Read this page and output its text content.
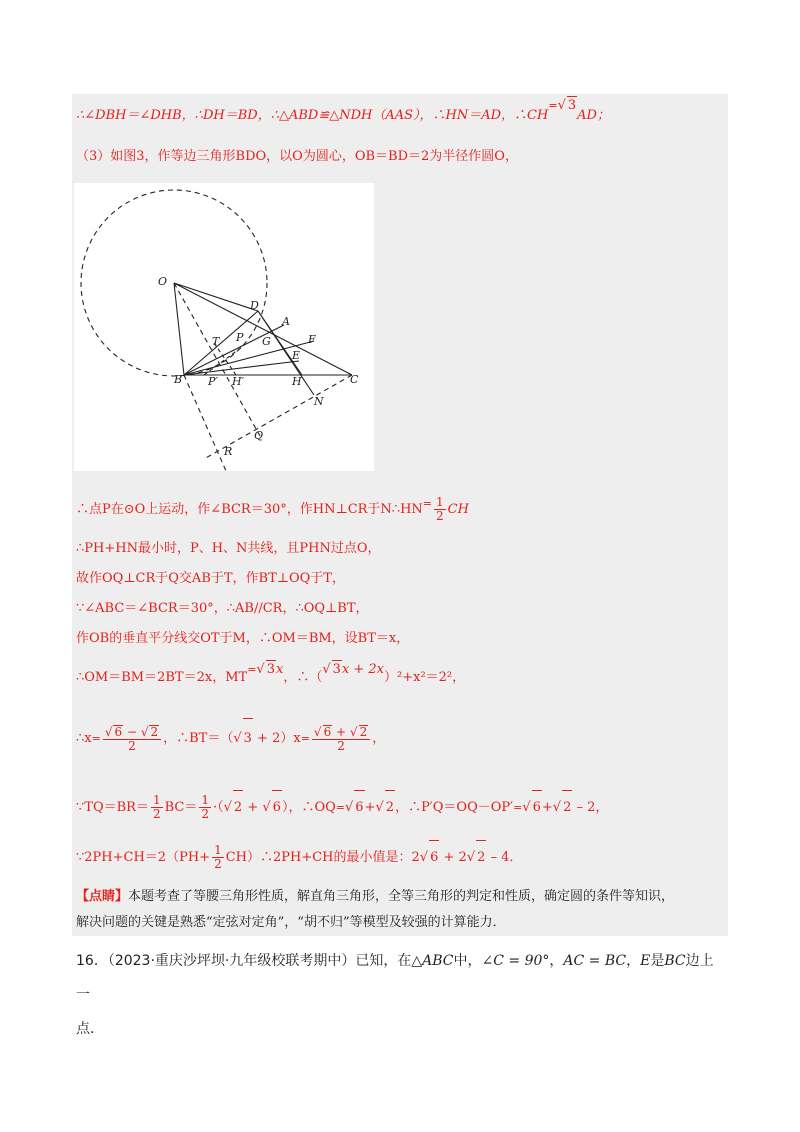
∴∠DBH＝∠DHB，∴DH＝BD，∴△ABD≌△NDH（AAS），∴HN＝AD，∴CH= √ 3AD；
（3）如图3，作等边三角形BDO，以O为圆心，OB＝BD＝2为半径作圆O，
O
D
A
P G	F
T
E
B P′ H′	H	C
N
Q
R
∴点P在⊙O上运动，作∠BCR＝30°，作HN⊥CR于N∴HN= $\frac{1}{2}$ CH
∴PH+HN最小时，P、H、N共线，且PHN过点O，
故作OQ⊥CR于Q交AB于T，作BT⊥OQ于T，
∵∠ABC＝∠BCR＝30°，∴AB//CR，∴OQ⊥BT，
作OB的垂直平分线交OT于M，∴OM＝BM，设BT＝x，
∴OM＝BM＝2BT＝2x，MT= √ 3x，∴（√ 3x + 2x）²+x²＝2²，
∴x= √ $\frac{6 - √ 2}{2}$ ，∴BT＝（ √ 3 + 2）x= √ $\frac{6 + √ 2}{2}$ ，
∵TQ＝BR＝ $\frac{1}{2} BC= \frac{1}{2}$ ·（ √ 2 + √ 6），∴OQ= √ 6+ √ 2，∴P′Q＝OQ－OP′= √ 6+ √ 2 – 2，
∵2PH+CH＝2（PH+ $\frac{1}{2}$ CH）∴2PH+CH的最小值是：2 √ 6 + 2 √ 2 – 4．
【点睛】本题考查了等腰三角形性质，解直角三角形，全等三角形的判定和性质，确定圆的条件等知识，
解决问题的关键是熟悉“定弦对定角”，“胡不归”等模型及较强的计算能力．
16．（2023·重庆沙坪坝·九年级校联考期中）已知，在△ABC中，∠C = 90°，AC = BC，E是BC边上一
点．
